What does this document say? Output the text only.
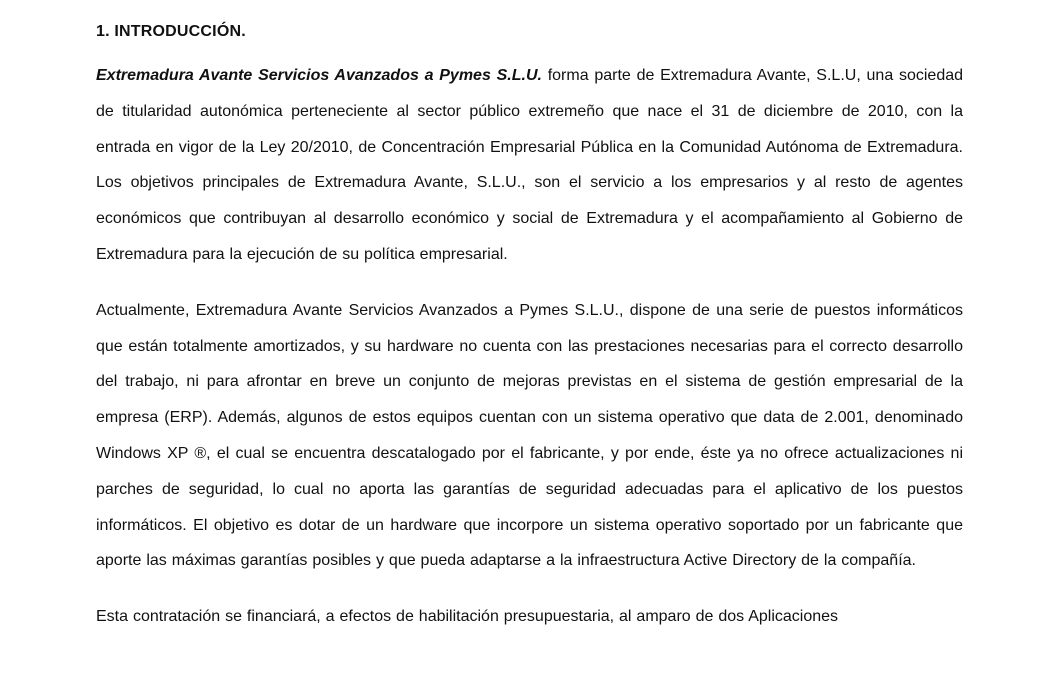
1. INTRODUCCIÓN.

Extremadura Avante Servicios Avanzados a Pymes S.L.U. forma parte de Extremadura Avante, S.L.U, una sociedad de titularidad autonómica perteneciente al sector público extremeño que nace el 31 de diciembre de 2010, con la entrada en vigor de la Ley 20/2010, de Concentración Empresarial Pública en la Comunidad Autónoma de Extremadura. Los objetivos principales de Extremadura Avante, S.L.U., son el servicio a los empresarios y al resto de agentes económicos que contribuyan al desarrollo económico y social de Extremadura y el acompañamiento al Gobierno de Extremadura para la ejecución de su política empresarial.

Actualmente, Extremadura Avante Servicios Avanzados a Pymes S.L.U., dispone de una serie de puestos informáticos que están totalmente amortizados, y su hardware no cuenta con las prestaciones necesarias para el correcto desarrollo del trabajo, ni para afrontar en breve un conjunto de mejoras previstas en el sistema de gestión empresarial de la empresa (ERP). Además, algunos de estos equipos cuentan con un sistema operativo que data de 2.001, denominado Windows XP ®, el cual se encuentra descatalogado por el fabricante, y por ende, éste ya no ofrece actualizaciones ni parches de seguridad, lo cual no aporta las garantías de seguridad adecuadas para el aplicativo de los puestos informáticos. El objetivo es dotar de un hardware que incorpore un sistema operativo soportado por un fabricante que aporte las máximas garantías posibles y que pueda adaptarse a la infraestructura Active Directory de la compañía.

Esta contratación se financiará, a efectos de habilitación presupuestaria, al amparo de dos Aplicaciones
